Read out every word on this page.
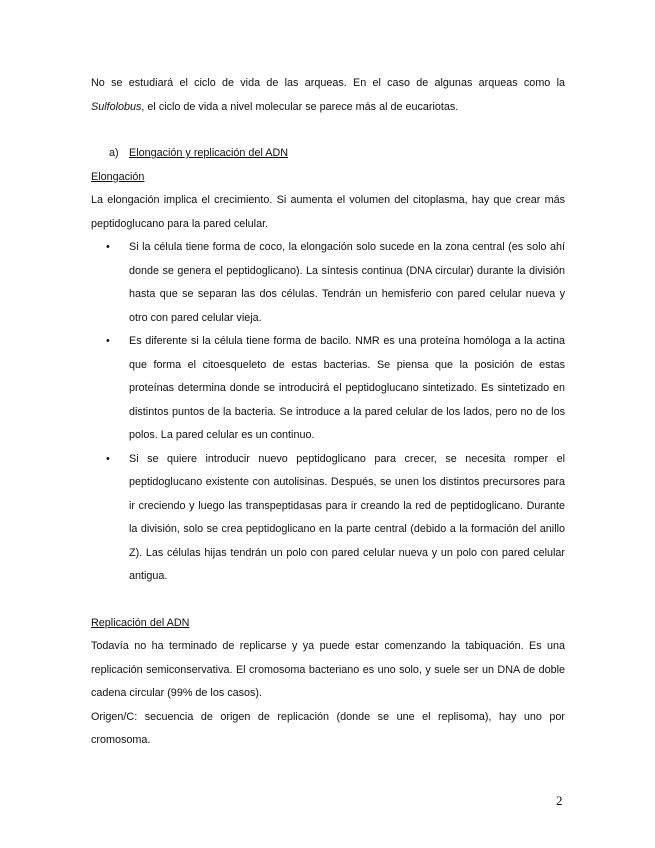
No se estudiará el ciclo de vida de las arqueas. En el caso de algunas arqueas como la Sulfolobus, el ciclo de vida a nivel molecular se parece más al de eucariotas.

a) Elongación y replicación del ADN

Elongación

La elongación implica el crecimiento. Si aumenta el volumen del citoplasma, hay que crear más peptidoglucano para la pared celular.

• Si la célula tiene forma de coco, la elongación solo sucede en la zona central (es solo ahí donde se genera el peptidoglicano). La síntesis continua (DNA circular) durante la división hasta que se separan las dos células. Tendrán un hemisferio con pared celular nueva y otro con pared celular vieja.
• Es diferente si la célula tiene forma de bacilo. NMR es una proteína homóloga a la actina que forma el citoesqueleto de estas bacterias. Se piensa que la posición de estas proteínas determina donde se introducirá el peptidoglucano sintetizado. Es sintetizado en distintos puntos de la bacteria. Se introduce a la pared celular de los lados, pero no de los polos. La pared celular es un continuo.
• Si se quiere introducir nuevo peptidoglicano para crecer, se necesita romper el peptidoglucano existente con autolisinas. Después, se unen los distintos precursores para ir creciendo y luego las transpeptidasas para ir creando la red de peptidoglicano. Durante la división, solo se crea peptidoglicano en la parte central (debido a la formación del anillo Z). Las células hijas tendrán un polo con pared celular nueva y un polo con pared celular antigua.

Replicación del ADN

Todavía no ha terminado de replicarse y ya puede estar comenzando la tabiquación. Es una replicación semiconservativa. El cromosoma bacteriano es uno solo, y suele ser un DNA de doble cadena circular (99% de los casos).

Origen/C: secuencia de origen de replicación (donde se une el replisoma), hay uno por cromosoma.

2
